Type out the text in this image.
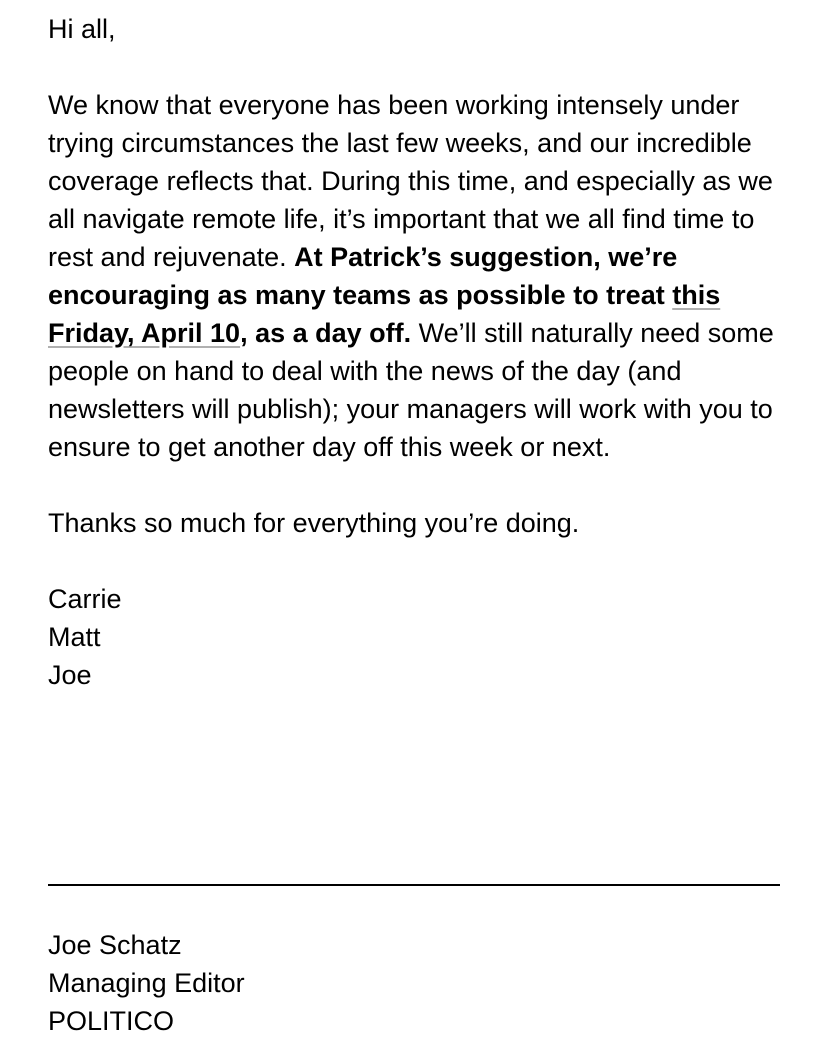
Hi all,

We know that everyone has been working intensely under trying circumstances the last few weeks, and our incredible coverage reflects that. During this time, and especially as we all navigate remote life, it’s important that we all find time to rest and rejuvenate. At Patrick’s suggestion, we’re encouraging as many teams as possible to treat this Friday, April 10, as a day off. We’ll still naturally need some people on hand to deal with the news of the day (and newsletters will publish); your managers will work with you to ensure to get another day off this week or next.

Thanks so much for everything you’re doing.

Carrie
Matt
Joe
Joe Schatz
Managing Editor
POLITICO
